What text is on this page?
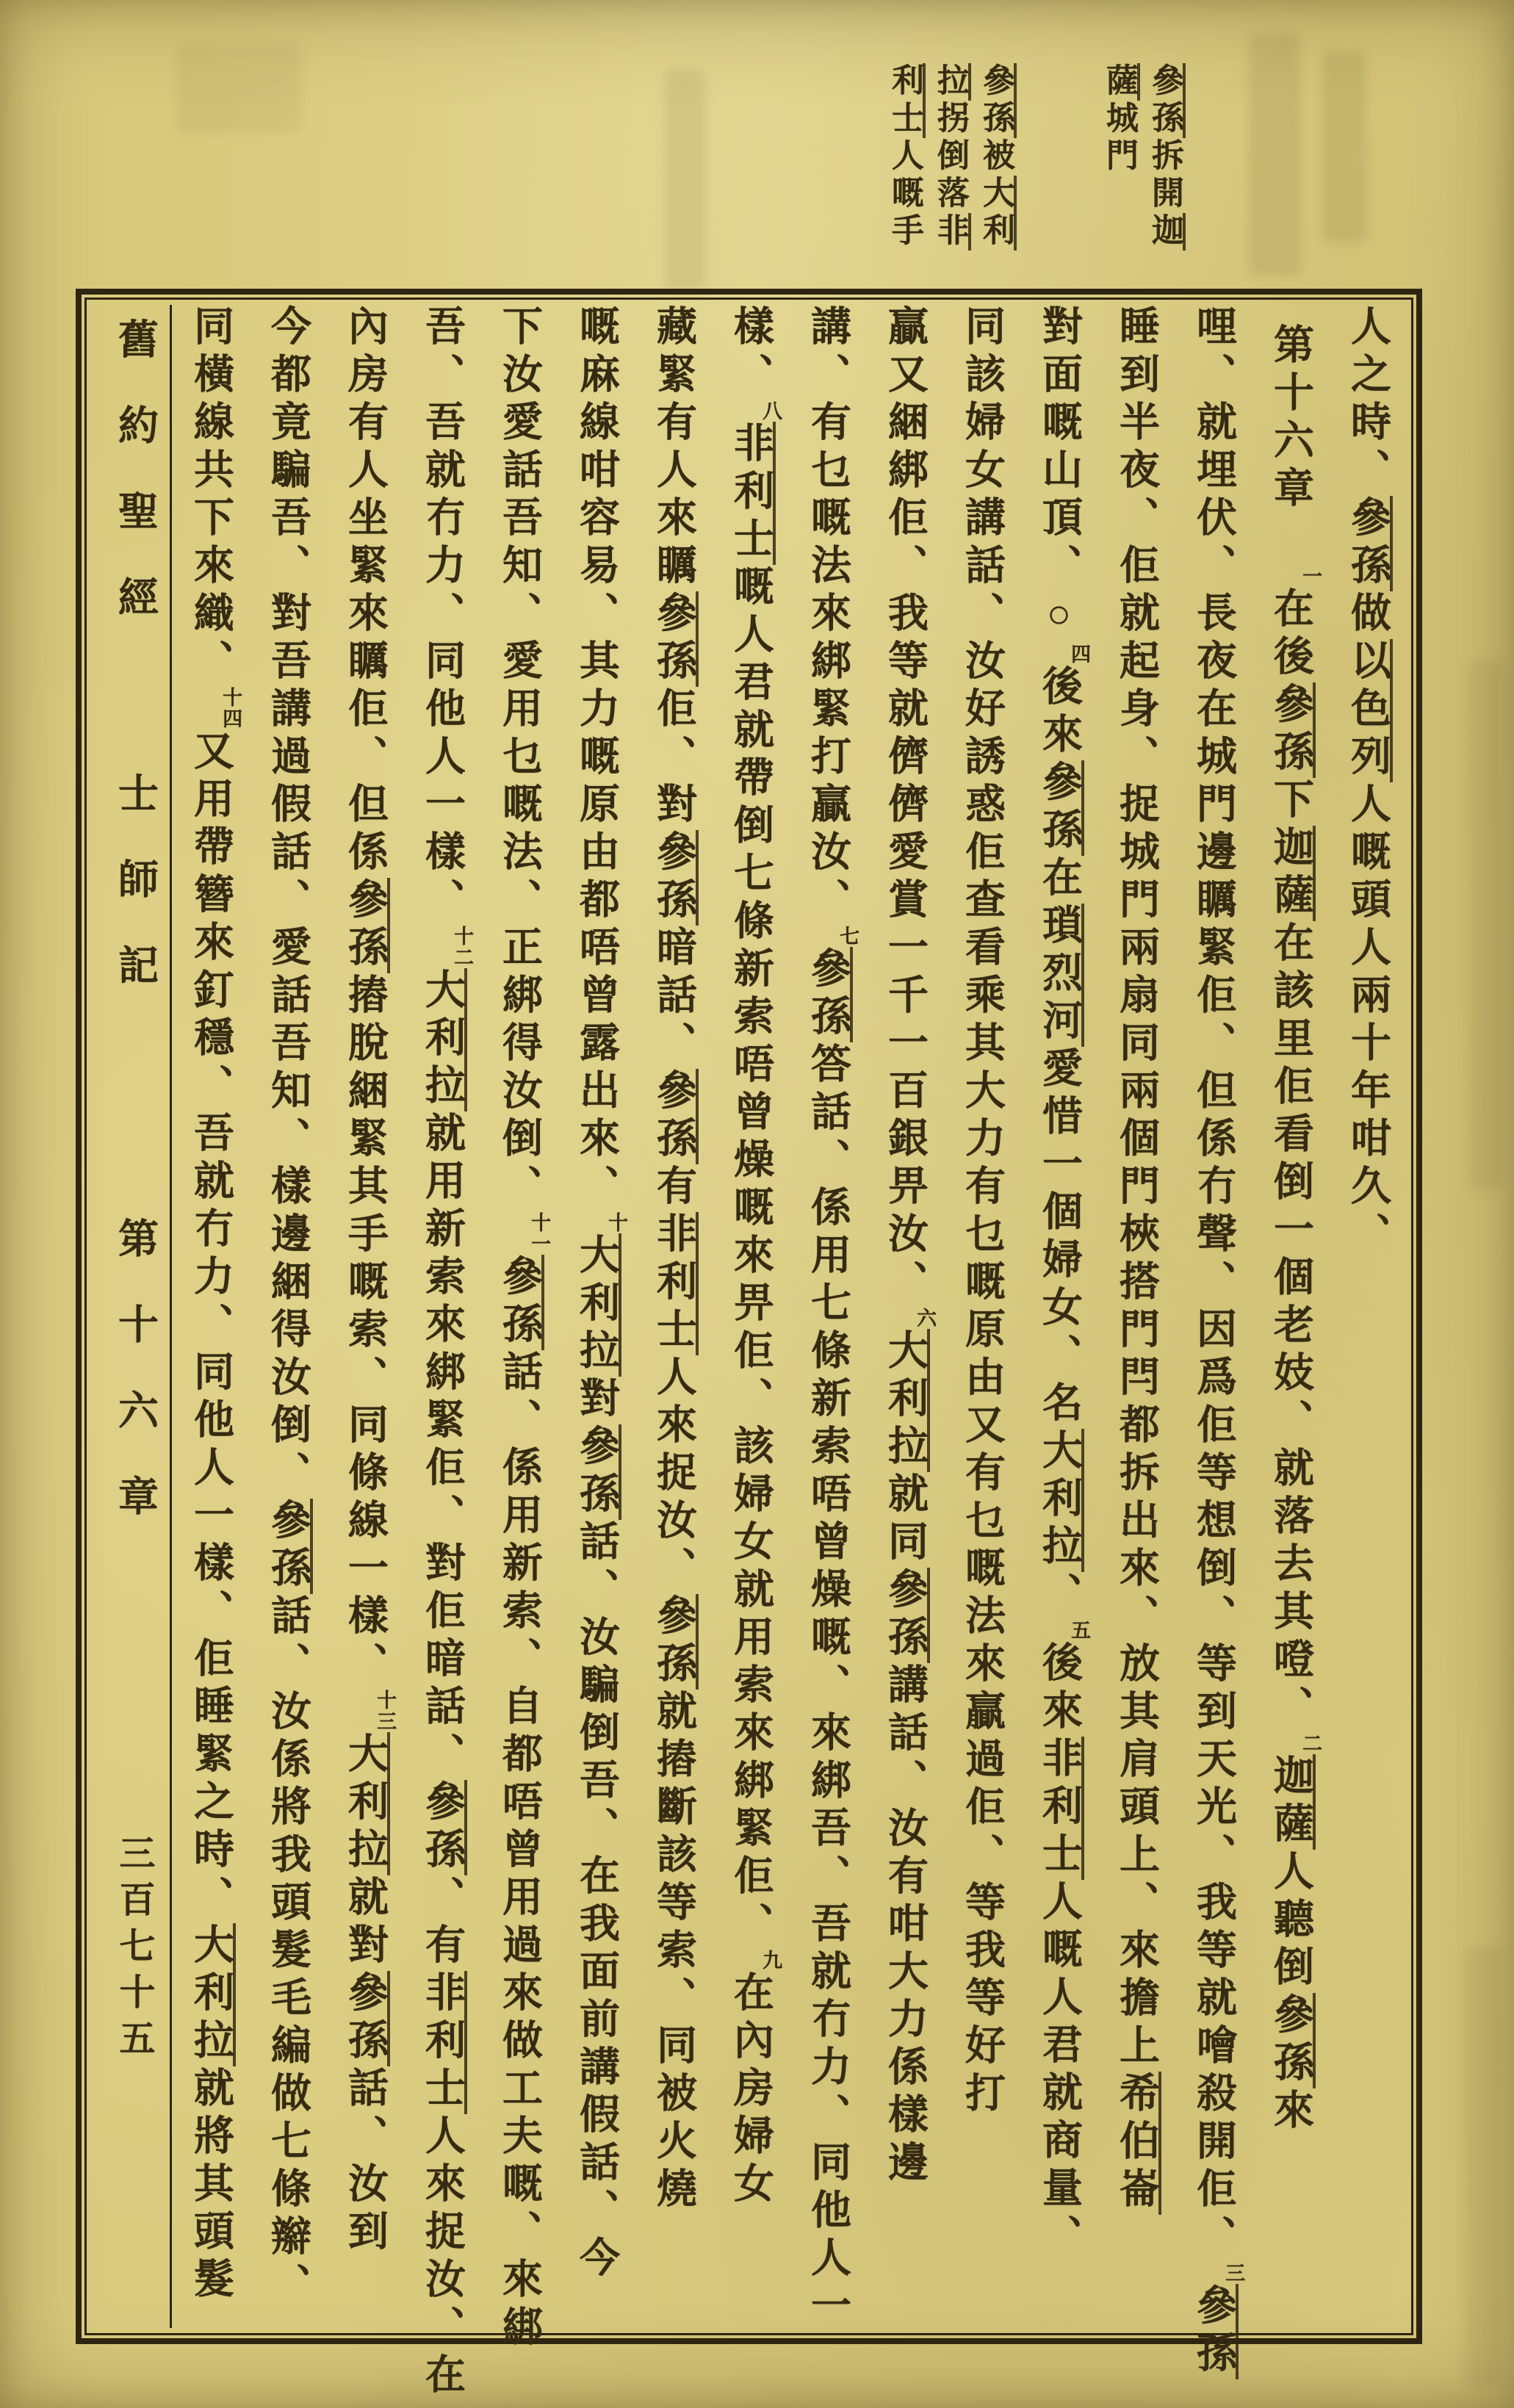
參孫拆開迦
薩城門
參孫被大利
拉拐倒落非
利士人嘅手
人之時、參孫做以色列人嘅頭人兩十年咁久、
第十六章一在後參孫下迦薩在該里佢看倒一個老妓、就落去其噔、二迦薩人聽倒參孫來
哩、就埋伏、長夜在城門邊矋緊佢、但係冇聲、因爲佢等想倒、等到天光、我等就噲殺開佢、三參孫
睡到半夜、佢就起身、捉城門兩扇同兩個門梜搭門閂都拆出來、放其肩頭上、來擔上希伯崙
對面嘅山頂、○四後來參孫在瑣烈河愛惜一個婦女、名大利拉、五後來非利士人嘅人君就商量、
同該婦女講話、汝好誘惑佢查看乘其大力有乜嘅原由又有乜嘅法來贏過佢、等我等好打
贏又綑綁佢、我等就儕儕愛賞一千一百銀畀汝、六大利拉就同參孫講話、汝有咁大力係樣邊
講、有乜嘅法來綁緊打贏汝、七參孫答話、係用七條新索唔曾燥嘅、來綁吾、吾就冇力、同他人一
樣、八非利士嘅人君就帶倒七條新索唔曾燥嘅來畀佢、該婦女就用索來綁緊佢、九在內房婦女
藏緊有人來矋參孫佢、對參孫暗話、參孫有非利士人來捉汝、參孫就摏斷該等索、同被火燒
嘅麻線咁容易、其力嘅原由都唔曾露出來、十大利拉對參孫話、汝騙倒吾、在我面前講假話、今
下汝愛話吾知、愛用乜嘅法、正綁得汝倒、十一參孫話、係用新索、自都唔曾用過來做工夫嘅、來綁
吾、吾就冇力、同他人一樣、十二大利拉就用新索來綁緊佢、對佢暗話、參孫、有非利士人來捉汝、在
內房有人坐緊來矋佢、但係參孫摏脫綑緊其手嘅索、同條線一樣、十三大利拉就對參孫話、汝到
今都竟騙吾、對吾講過假話、愛話吾知、樣邊綑得汝倒、參孫話、汝係將我頭髮毛編做七條辮、
同橫線共下來織、十四又用帶簪來釘穩、吾就冇力、同他人一樣、佢睡緊之時、大利拉就將其頭髮
舊約聖經士師記第十六章三百七十五
